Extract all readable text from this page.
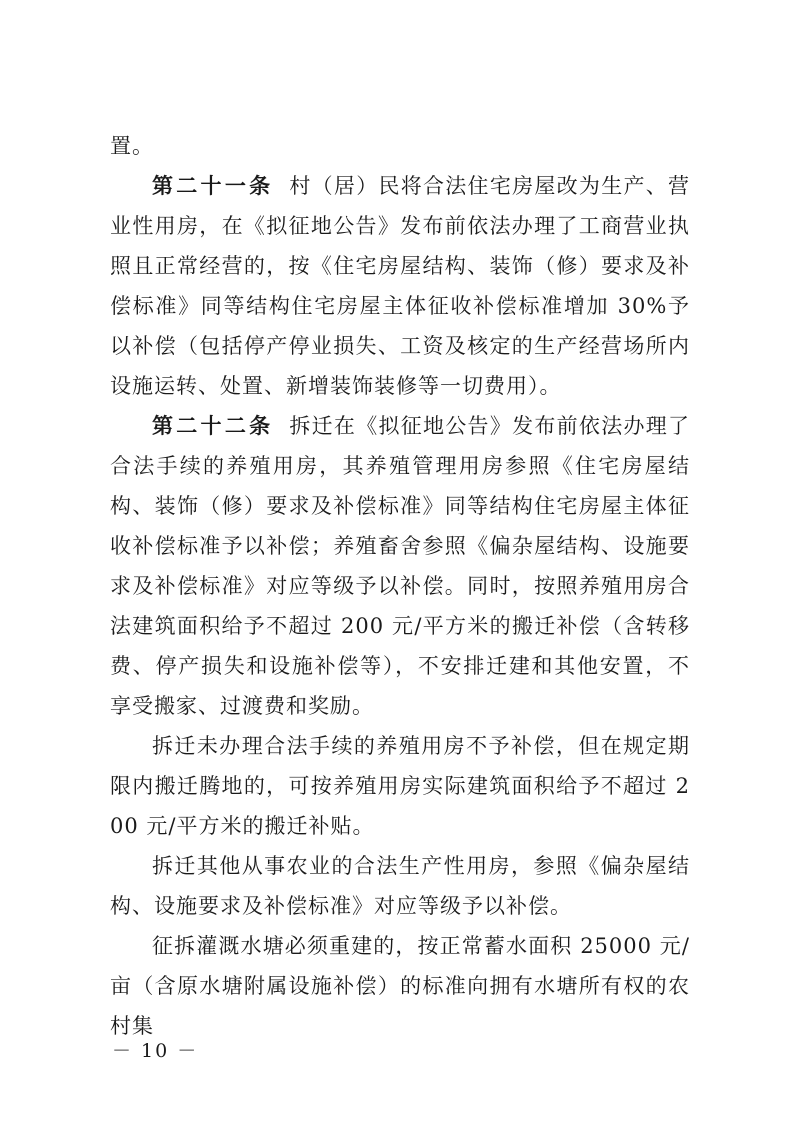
置。

第二十一条 村（居）民将合法住宅房屋改为生产、营业性用房，在《拟征地公告》发布前依法办理了工商营业执照且正常经营的，按《住宅房屋结构、装饰（修）要求及补偿标准》同等结构住宅房屋主体征收补偿标准增加 30%予以补偿（包括停产停业损失、工资及核定的生产经营场所内设施运转、处置、新增装饰装修等一切费用）。

第二十二条 拆迁在《拟征地公告》发布前依法办理了合法手续的养殖用房，其养殖管理用房参照《住宅房屋结构、装饰（修）要求及补偿标准》同等结构住宅房屋主体征收补偿标准予以补偿；养殖畜舍参照《偏杂屋结构、设施要求及补偿标准》对应等级予以补偿。同时，按照养殖用房合法建筑面积给予不超过 200 元/平方米的搬迁补偿（含转移费、停产损失和设施补偿等），不安排迁建和其他安置，不享受搬家、过渡费和奖励。

拆迁未办理合法手续的养殖用房不予补偿，但在规定期限内搬迁腾地的，可按养殖用房实际建筑面积给予不超过 200 元/平方米的搬迁补贴。

拆迁其他从事农业的合法生产性用房，参照《偏杂屋结构、设施要求及补偿标准》对应等级予以补偿。

征拆灌溉水塘必须重建的，按正常蓄水面积 25000 元/亩（含原水塘附属设施补偿）的标准向拥有水塘所有权的农村集

－ 10 －
